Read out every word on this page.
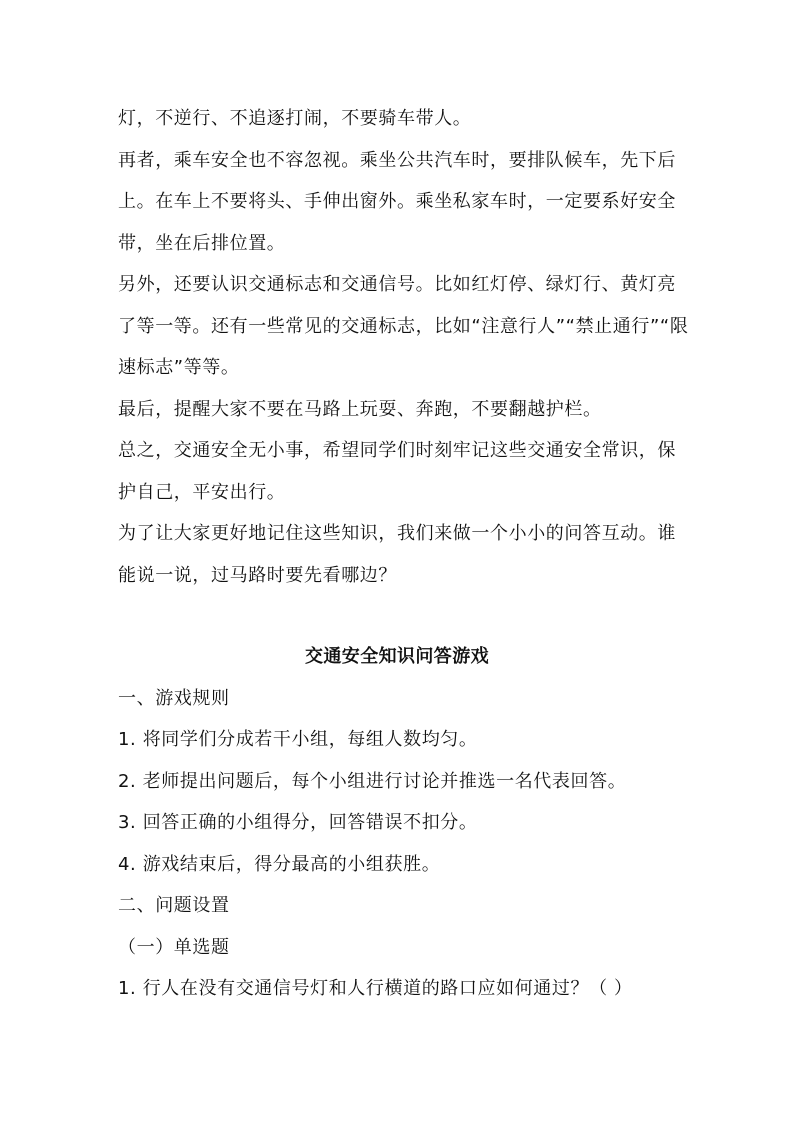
灯，不逆行、不追逐打闹，不要骑车带人。
再者，乘车安全也不容忽视。乘坐公共汽车时，要排队候车，先下后
上。在车上不要将头、手伸出窗外。乘坐私家车时，一定要系好安全
带，坐在后排位置。
另外，还要认识交通标志和交通信号。比如红灯停、绿灯行、黄灯亮
了等一等。还有一些常见的交通标志，比如“注意行人”“禁止通行”“限
速标志”等等。
最后，提醒大家不要在马路上玩耍、奔跑，不要翻越护栏。
总之，交通安全无小事，希望同学们时刻牢记这些交通安全常识，保
护自己，平安出行。
为了让大家更好地记住这些知识，我们来做一个小小的问答互动。谁
能说一说，过马路时要先看哪边？
交通安全知识问答游戏
一、游戏规则
1. 将同学们分成若干小组，每组人数均匀。
2. 老师提出问题后，每个小组进行讨论并推选一名代表回答。
3. 回答正确的小组得分，回答错误不扣分。
4. 游戏结束后，得分最高的小组获胜。
二、问题设置
（一）单选题
1. 行人在没有交通信号灯和人行横道的路口应如何通过？（ ）
